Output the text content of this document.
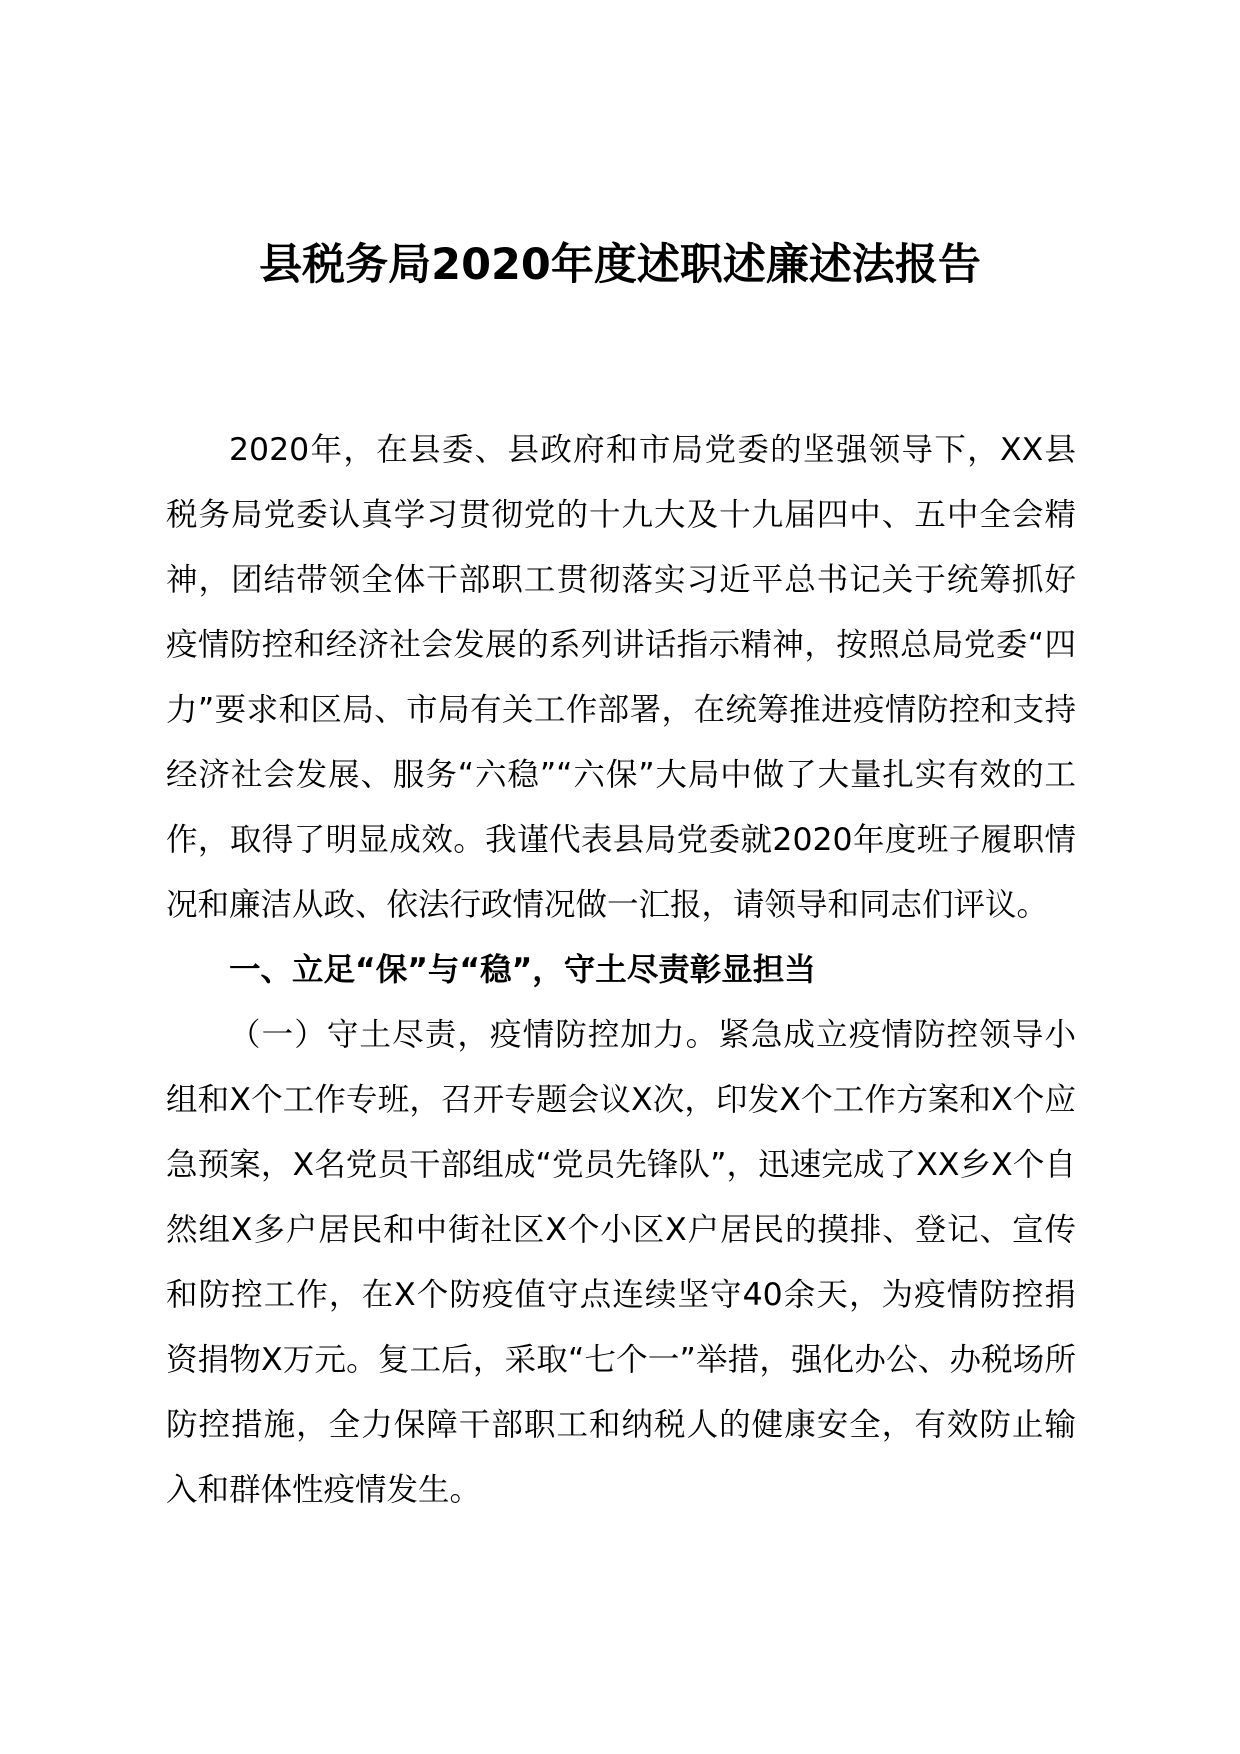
县税务局2020年度述职述廉述法报告

2020年，在县委、县政府和市局党委的坚强领导下，XX县税务局党委认真学习贯彻党的十九大及十九届四中、五中全会精神，团结带领全体干部职工贯彻落实习近平总书记关于统筹抓好疫情防控和经济社会发展的系列讲话指示精神，按照总局党委“四力”要求和区局、市局有关工作部署，在统筹推进疫情防控和支持经济社会发展、服务“六稳”“六保”大局中做了大量扎实有效的工作，取得了明显成效。我谨代表县局党委就2020年度班子履职情况和廉洁从政、依法行政情况做一汇报，请领导和同志们评议。

一、立足“保”与“稳”，守土尽责彰显担当

（一）守土尽责，疫情防控加力。紧急成立疫情防控领导小组和X个工作专班，召开专题会议X次，印发X个工作方案和X个应急预案，X名党员干部组成“党员先锋队”，迅速完成了XX乡X个自然组X多户居民和中街社区X个小区X户居民的摸排、登记、宣传和防控工作，在X个防疫值守点连续坚守40余天，为疫情防控捐资捐物X万元。复工后，采取“七个一”举措，强化办公、办税场所防控措施，全力保障干部职工和纳税人的健康安全，有效防止输入和群体性疫情发生。
